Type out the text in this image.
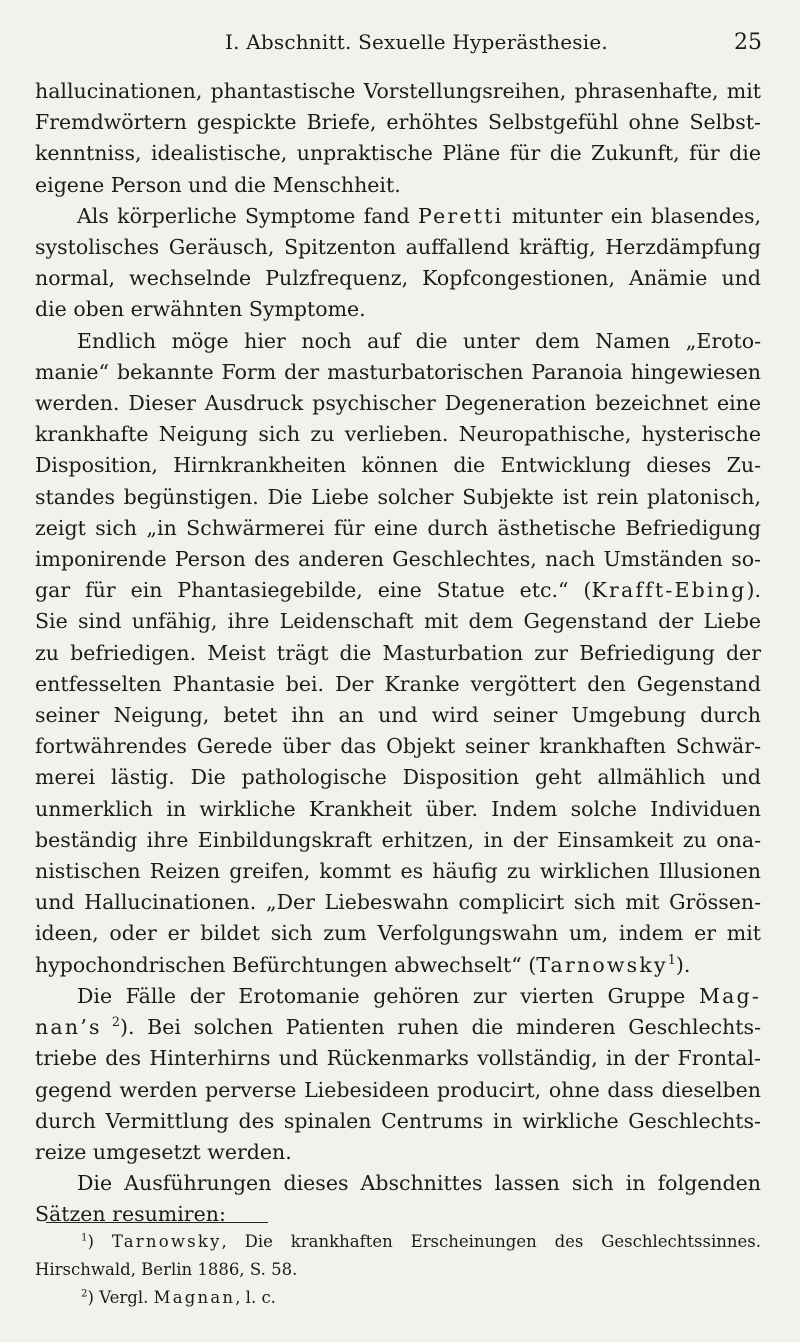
I. Abschnitt. Sexuelle Hyperästhesie.	25
hallucinationen, phantastische Vorstellungsreihen, phrasenhafte, mit
Fremdwörtern gespickte Briefe, erhöhtes Selbstgefühl ohne Selbst-
kenntniss, idealistische, unpraktische Pläne für die Zukunft, für die
eigene Person und die Menschheit.
Als körperliche Symptome fand Peretti mitunter ein blasendes,
systolisches Geräusch, Spitzenton auffallend kräftig, Herzdämpfung
normal, wechselnde Pulzfrequenz, Kopfcongestionen, Anämie und
die oben erwähnten Symptome.
Endlich möge hier noch auf die unter dem Namen „Eroto-
manie“ bekannte Form der masturbatorischen Paranoia hingewiesen
werden. Dieser Ausdruck psychischer Degeneration bezeichnet eine
krankhafte Neigung sich zu verlieben. Neuropathische, hysterische
Disposition, Hirnkrankheiten können die Entwicklung dieses Zu-
standes begünstigen. Die Liebe solcher Subjekte ist rein platonisch,
zeigt sich „in Schwärmerei für eine durch ästhetische Befriedigung
imponirende Person des anderen Geschlechtes, nach Umständen so-
gar für ein Phantasiegebilde, eine Statue etc.“ (Krafft-Ebing).
Sie sind unfähig, ihre Leidenschaft mit dem Gegenstand der Liebe
zu befriedigen. Meist trägt die Masturbation zur Befriedigung der
entfesselten Phantasie bei. Der Kranke vergöttert den Gegenstand
seiner Neigung, betet ihn an und wird seiner Umgebung durch
fortwährendes Gerede über das Objekt seiner krankhaften Schwär-
merei lästig. Die pathologische Disposition geht allmählich und
unmerklich in wirkliche Krankheit über. Indem solche Individuen
beständig ihre Einbildungskraft erhitzen, in der Einsamkeit zu ona-
nistischen Reizen greifen, kommt es häufig zu wirklichen Illusionen
und Hallucinationen. „Der Liebeswahn complicirt sich mit Grössen-
ideen, oder er bildet sich zum Verfolgungswahn um, indem er mit
hypochondrischen Befürchtungen abwechselt“ (Tarnowsky$^1$).
Die Fälle der Erotomanie gehören zur vierten Gruppe Mag-
nan’s $^2$). Bei solchen Patienten ruhen die minderen Geschlechts-
triebe des Hinterhirns und Rückenmarks vollständig, in der Frontal-
gegend werden perverse Liebesideen producirt, ohne dass dieselben
durch Vermittlung des spinalen Centrums in wirkliche Geschlechts-
reize umgesetzt werden.
Die Ausführungen dieses Abschnittes lassen sich in folgenden
Sätzen resumiren:
$^1$) Tarnowsky, Die krankhaften Erscheinungen des Geschlechtssinnes.
Hirschwald, Berlin 1886, S. 58.
$^2$) Vergl. Magnan, l. c.
